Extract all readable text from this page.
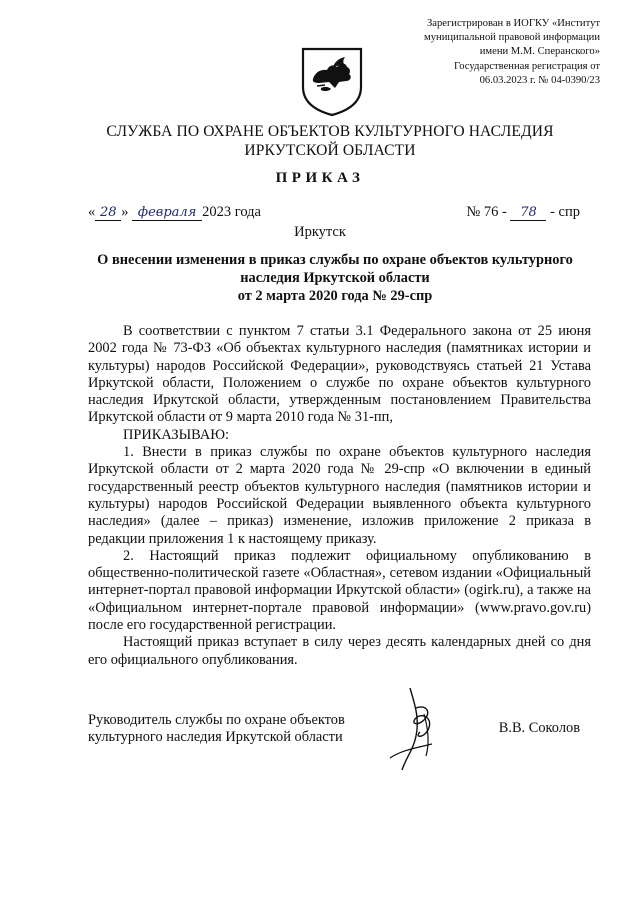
Зарегистрирован в ИОГКУ «Институт
муниципальной правовой информации
имени М.М. Сперанского»
Государственная регистрация от
06.03.2023 г. № 04-0390/23
СЛУЖБА ПО ОХРАНЕ ОБЪЕКТОВ КУЛЬТУРНОГО НАСЛЕДИЯ
ИРКУТСКОЙ ОБЛАСТИ
ПРИКАЗ
« 28 » февраля 2023 года	№ 76 - 78 - спр
Иркутск
О внесении изменения в приказ службы по охране объектов культурного
наследия Иркутской области
от 2 марта 2020 года № 29-спр

В соответствии с пунктом 7 статьи 3.1 Федерального закона от 25 июня 2002 года № 73-ФЗ «Об объектах культурного наследия (памятниках истории и культуры) народов Российской Федерации», руководствуясь статьей 21 Устава Иркутской области, Положением о службе по охране объектов культурного наследия Иркутской области, утвержденным постановлением Правительства Иркутской области от 9 марта 2010 года № 31-пп,

ПРИКАЗЫВАЮ:

1. Внести в приказ службы по охране объектов культурного наследия Иркутской области от 2 марта 2020 года № 29-спр «О включении в единый государственный реестр объектов культурного наследия (памятников истории и культуры) народов Российской Федерации выявленного объекта культурного наследия» (далее – приказ) изменение, изложив приложение 2 приказа в редакции приложения 1 к настоящему приказу.

2. Настоящий приказ подлежит официальному опубликованию в общественно-политической газете «Областная», сетевом издании «Официальный интернет-портал правовой информации Иркутской области» (ogirk.ru), а также на «Официальном интернет-портале правовой информации» (www.pravo.gov.ru) после его государственной регистрации.

Настоящий приказ вступает в силу через десять календарных дней со дня его официального опубликования.

Руководитель службы по охране объектов
культурного наследия Иркутской области
В.В. Соколов
